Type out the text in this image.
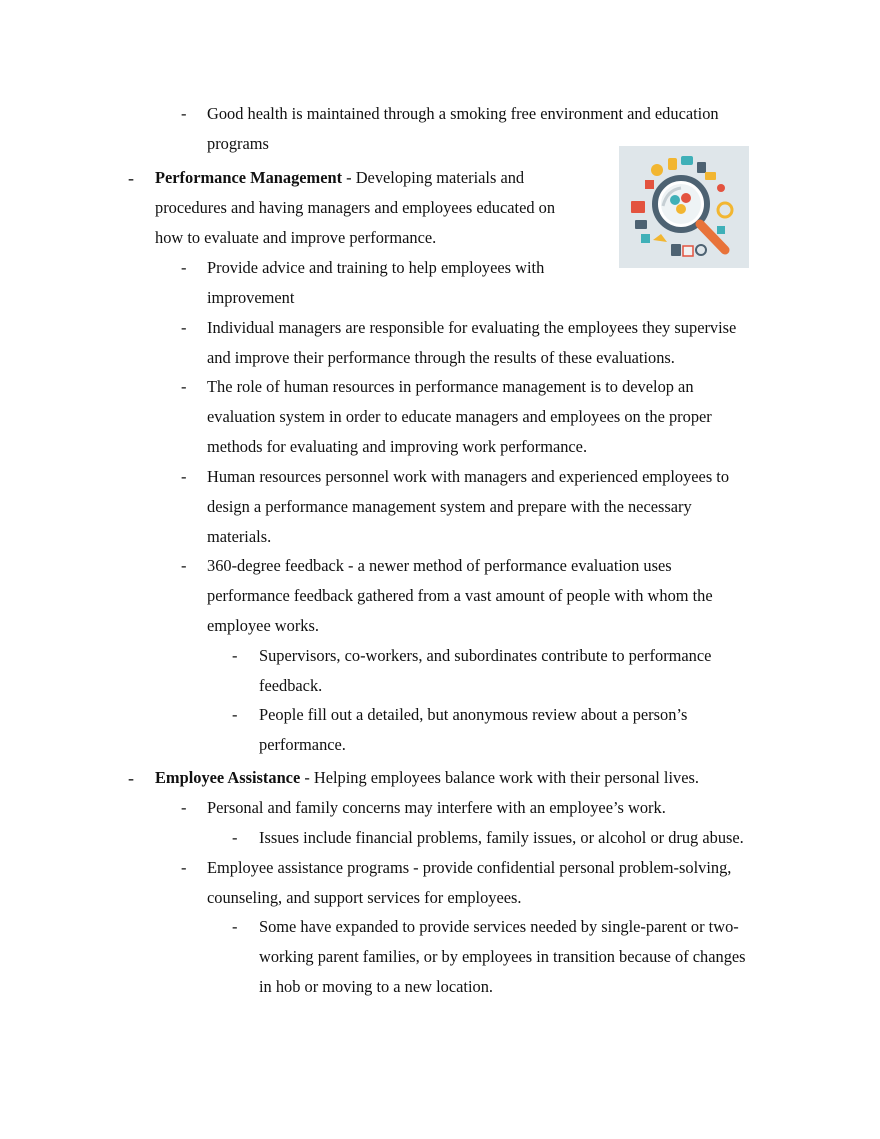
- Good health is maintained through a smoking free environment and education
programs
- Performance Management - Developing materials and
procedures and having managers and employees educated on
how to evaluate and improve performance.
- Provide advice and training to help employees with
improvement
- Individual managers are responsible for evaluating the employees they supervise
and improve their performance through the results of these evaluations.
- The role of human resources in performance management is to develop an
evaluation system in order to educate managers and employees on the proper
methods for evaluating and improving work performance.
- Human resources personnel work with managers and experienced employees to
design a performance management system and prepare with the necessary
materials.
- 360-degree feedback - a newer method of performance evaluation uses
performance feedback gathered from a vast amount of people with whom the
employee works.
- Supervisors, co-workers, and subordinates contribute to performance
feedback.
- People fill out a detailed, but anonymous review about a person’s
performance.
- Employee Assistance - Helping employees balance work with their personal lives.
- Personal and family concerns may interfere with an employee’s work.
- Issues include financial problems, family issues, or alcohol or drug abuse.
- Employee assistance programs - provide confidential personal problem-solving,
counseling, and support services for employees.
- Some have expanded to provide services needed by single-parent or two-
working parent families, or by employees in transition because of changes
in hob or moving to a new location.
